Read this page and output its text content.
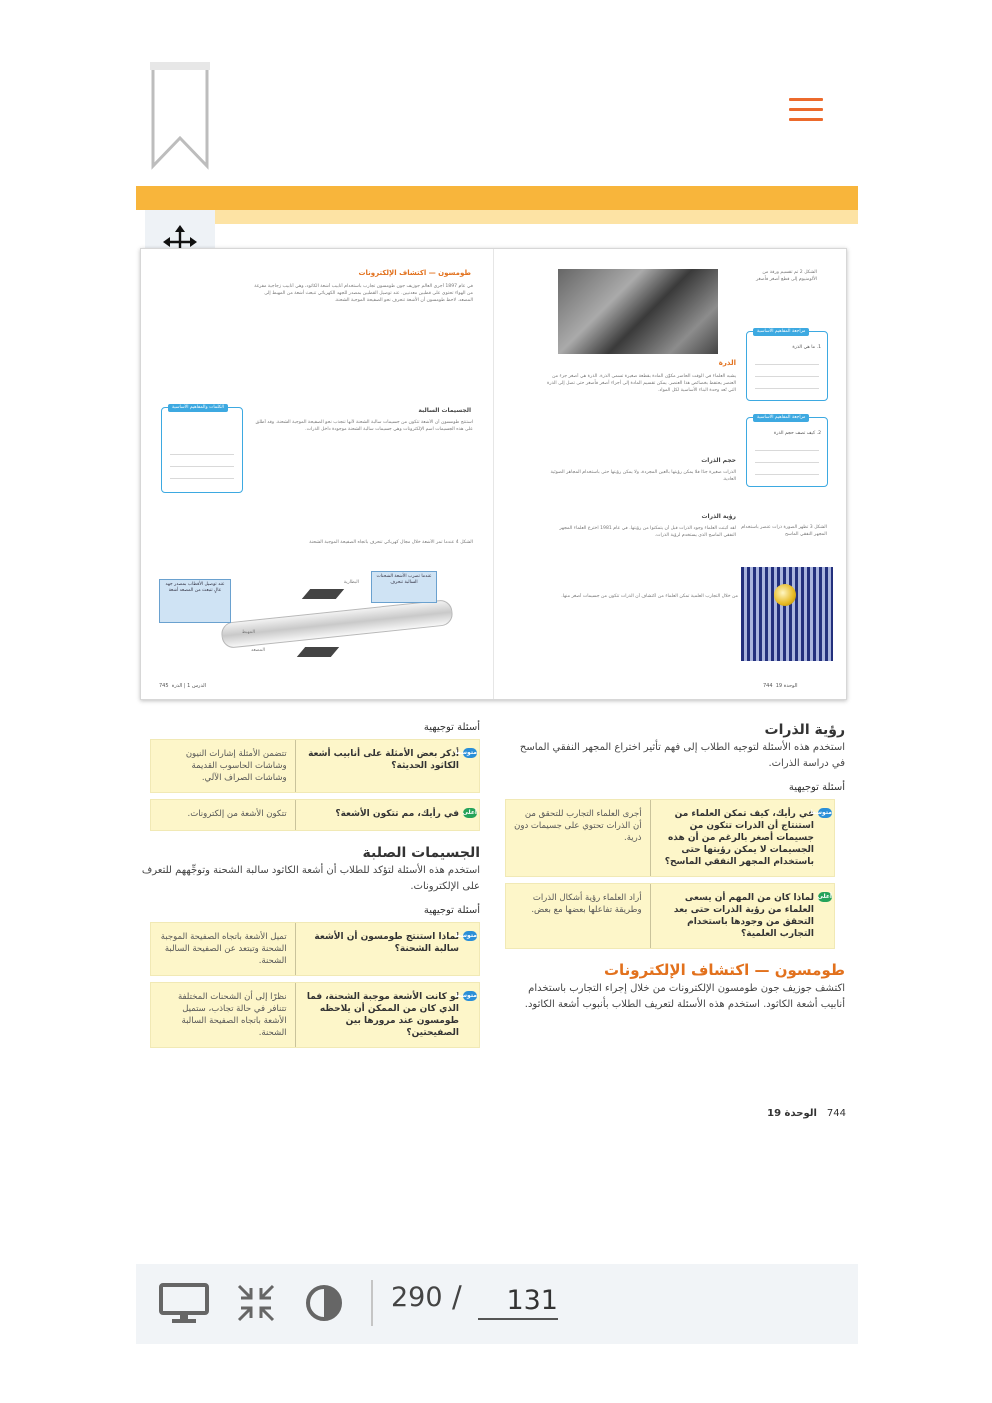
الشكل 2 تم تقسيم ورقة من الألومنيوم إلى قطع أصغر فأصغر
مراجعة المفاهيم الأساسية
1. ما هي الذرة
مراجعة المفاهيم الأساسية
2. كيف تصف حجم الذرة
الذرة
يشبه العلماء في الوقت الحاضر مكوّن المادة بقطعة صغيرة تسمى الذرة. الذرة هي أصغر جزء من العنصر يحتفظ بخصائص هذا العنصر. يمكن تقسيم المادة إلى أجزاء أصغر فأصغر حتى تصل إلى الذرة التي تُعد وحدة البناء الأساسية لكل المواد.
حجم الذرات
الذرات صغيرة جدًا فلا يمكن رؤيتها بالعين المجردة، ولا يمكن رؤيتها حتى باستخدام المجاهر الضوئية العادية.
رؤية الذرات
لقد أثبتت العلماء وجود الذرات قبل أن يتمكنوا من رؤيتها. في عام 1981 اخترع العلماء المجهر النفقي الماسح الذي يستخدم لرؤية الذرات.
من خلال التجارب العلمية تمكّن العلماء من اكتشاف أن الذرات تتكون من جسيمات أصغر منها.
الشكل 3 تظهر الصورة ذرات عنصر باستخدام المجهر النفقي الماسح
الوحدة 19  744
طومسون — اكتشاف الإلكترونات
في عام 1897 أجرى العالم جوزيف جون طومسون تجارب باستخدام أنابيب أشعة الكاثود، وهي أنابيب زجاجية مفرغة من الهواء تحتوي على قطبين معدنيين. عند توصيل القطبين بمصدر للجهد الكهربائي تنبعث أشعة من المهبط إلى المصعد. لاحظ طومسون أن الأشعة تنحرف نحو الصفيحة الموجبة الشحنة.
الجسيمات السالبة
استنتج طومسون أن الأشعة تتكون من جسيمات سالبة الشحنة لأنها تنجذب نحو الصفيحة الموجبة الشحنة. وقد أطلق على هذه الجسيمات اسم الإلكترونات وهي جسيمات سالبة الشحنة موجودة داخل الذرات.
الكلمات والمفاهيم الأساسية
الشكل 4 عندما تمر الأشعة خلال مجال كهربائي تنحرف باتجاه الصفيحة الموجبة الشحنة
عندما تضرب الأشعة الشحنات السالبة تنحرف
عند توصيل الأقطاب بمصدر جهد عالٍ تنبعث من المصعد أشعة
البطارية
المهبط
المصعد
745 الدرس 1 | الذرة
رؤية الذرات

استخدم هذه الأسئلة لتوجيه الطلاب إلى فهم تأثير اختراع المجهر النفقي الماسح في دراسة الذرات.

أسئلة توجيهية
متوسط
في رأيك، كيف تمكن العلماء من استنتاج أن الذرات تتكون من جسيمات أصغر بالرغم من أن هذه الجسيمات لا يمكن رؤيتها حتى باستخدام المجهر النفقي الماسح؟
أجرى العلماء التجارب للتحقق من أن الذرات تحتوي على جسيمات دون ذرية.
أعلى
لماذا كان من المهم أن يسعى العلماء من رؤية الذرات حتى بعد التحقق من وجودها باستخدام التجارب العلمية؟
أراد العلماء رؤية أشكال الذرات وطريقة تفاعلها بعضها مع بعض.
طومسون — اكتشاف الإلكترونات

اكتشف جوزيف جون طومسون الإلكترونات من خلال إجراء التجارب باستخدام أنابيب أشعة الكاثود. استخدم هذه الأسئلة لتعريف الطلاب بأنبوب أشعة الكاثود.

أسئلة توجيهية
متوسط
أذكر بعض الأمثلة على أنابيب أشعة الكاثود الحديثة؟
تتضمن الأمثلة إشارات النيون وشاشات الحاسوب القديمة وشاشات الصراف الآلي.
أعلى
في رأيك، مم تتكون الأشعة؟
تتكون الأشعة من إلكترونات.
الجسيمات الصلبة

استخدم هذه الأسئلة لتؤكد للطلاب أن أشعة الكاثود سالبة الشحنة وتوجِّههم للتعرف على الإلكترونات.

أسئلة توجيهية
متوسط
لماذا استنتج طومسون أن الأشعة سالبة الشحنة؟
تميل الأشعة باتجاه الصفيحة الموجبة الشحنة وتبتعد عن الصفيحة السالبة الشحنة.
متوسط
لو كانت الأشعة موجبة الشحنة، فما الذي كان من الممكن أن يلاحظه طومسون عند مرورها بين الصفيحتين؟
نظرًا إلى أن الشحنات المختلفة تتنافر في حالة تجاذب، ستميل الأشعة باتجاه الصفيحة السالبة الشحنة.
744الوحدة 19
290 /
131
